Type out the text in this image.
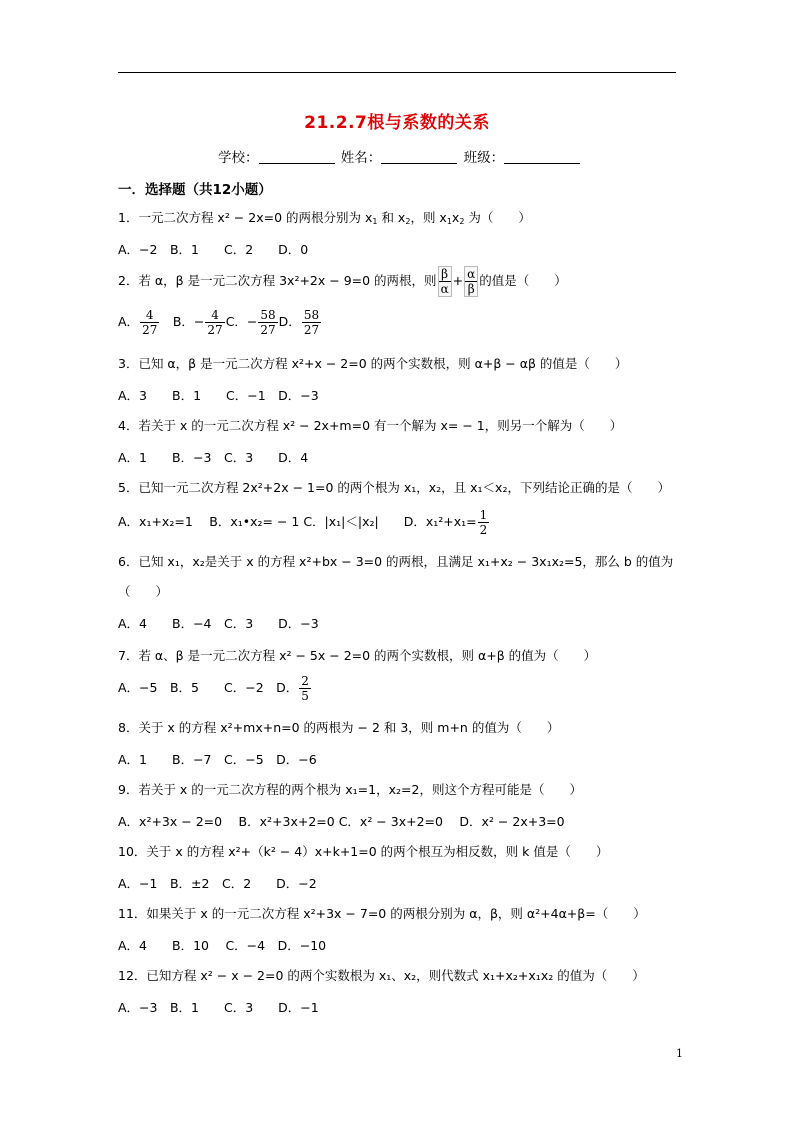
21.2.7根与系数的关系
学校：	姓名：	班级：
一．选择题（共12小题）
1．一元二次方程 x² − 2x=0 的两根分别为 $x_1$ 和 $x_2$，则 $x_1x_2$ 为（　　）
A．−2　B．1　　C．2　　D．0
2．若 α，β 是一元二次方程 3x²+2x − 9=0 的两根，则 $\frac{\beta}{\alpha} + \frac{\alpha}{\beta}$ 的值是（　　）
A． $\frac{4}{27}$ 　B．− $\frac{4}{27}$ C．− $\frac{58}{27}$ D． $\frac{58}{27}$
3．已知 α，β 是一元二次方程 x²+x − 2=0 的两个实数根，则 α+β − αβ 的值是（　　）
A．3　　B．1　　C．−1　D．−3
4．若关于 x 的一元二次方程 x² − 2x+m=0 有一个解为 x= − 1，则另一个解为（　　）
A．1　　B．−3　C．3　　D．4
5．已知一元二次方程 2x²+2x − 1=0 的两个根为 x₁，x₂，且 x₁＜x₂，下列结论正确的是（　　）
A．x₁+x₂=1　 B．x₁•x₂= − 1 C．|x₁|＜|x₂|　　D．$x_1^2+x_1= \frac{1}{2}$
6．已知 x₁，x₂是关于 x 的方程 x²+bx − 3=0 的两根，且满足 x₁+x₂ − 3x₁x₂=5，那么 b 的值为
（　　）
A．4　　B．−4　C．3　　D．−3
7．若 α、β 是一元二次方程 x² − 5x − 2=0 的两个实数根，则 α+β 的值为（　　）
A．−5　B．5　　C．−2　D． $\frac{2}{5}$
8．关于 x 的方程 x²+mx+n=0 的两根为 − 2 和 3，则 m+n 的值为（　　）
A．1　　B．−7　C．−5　D．−6
9．若关于 x 的一元二次方程的两个根为 x₁=1，x₂=2，则这个方程可能是（　　）
A．x²+3x − 2=0　 B．x²+3x+2=0 C．x² − 3x+2=0　 D．x² − 2x+3=0
10．关于 x 的方程 x²+（k² − 4）x+k+1=0 的两个根互为相反数，则 k 值是（　　）
A．−1　B．±2　C．2　　D．−2
11．如果关于 x 的一元二次方程 x²+3x − 7=0 的两根分别为 α，β，则 α²+4α+β=（　　）
A．4　　B．10　 C．−4　D．−10
12．已知方程 x² − x − 2=0 的两个实数根为 x₁、x₂，则代数式 x₁+x₂+x₁x₂ 的值为（　　）
A．−3　B．1　　C．3　　D．−1
1
